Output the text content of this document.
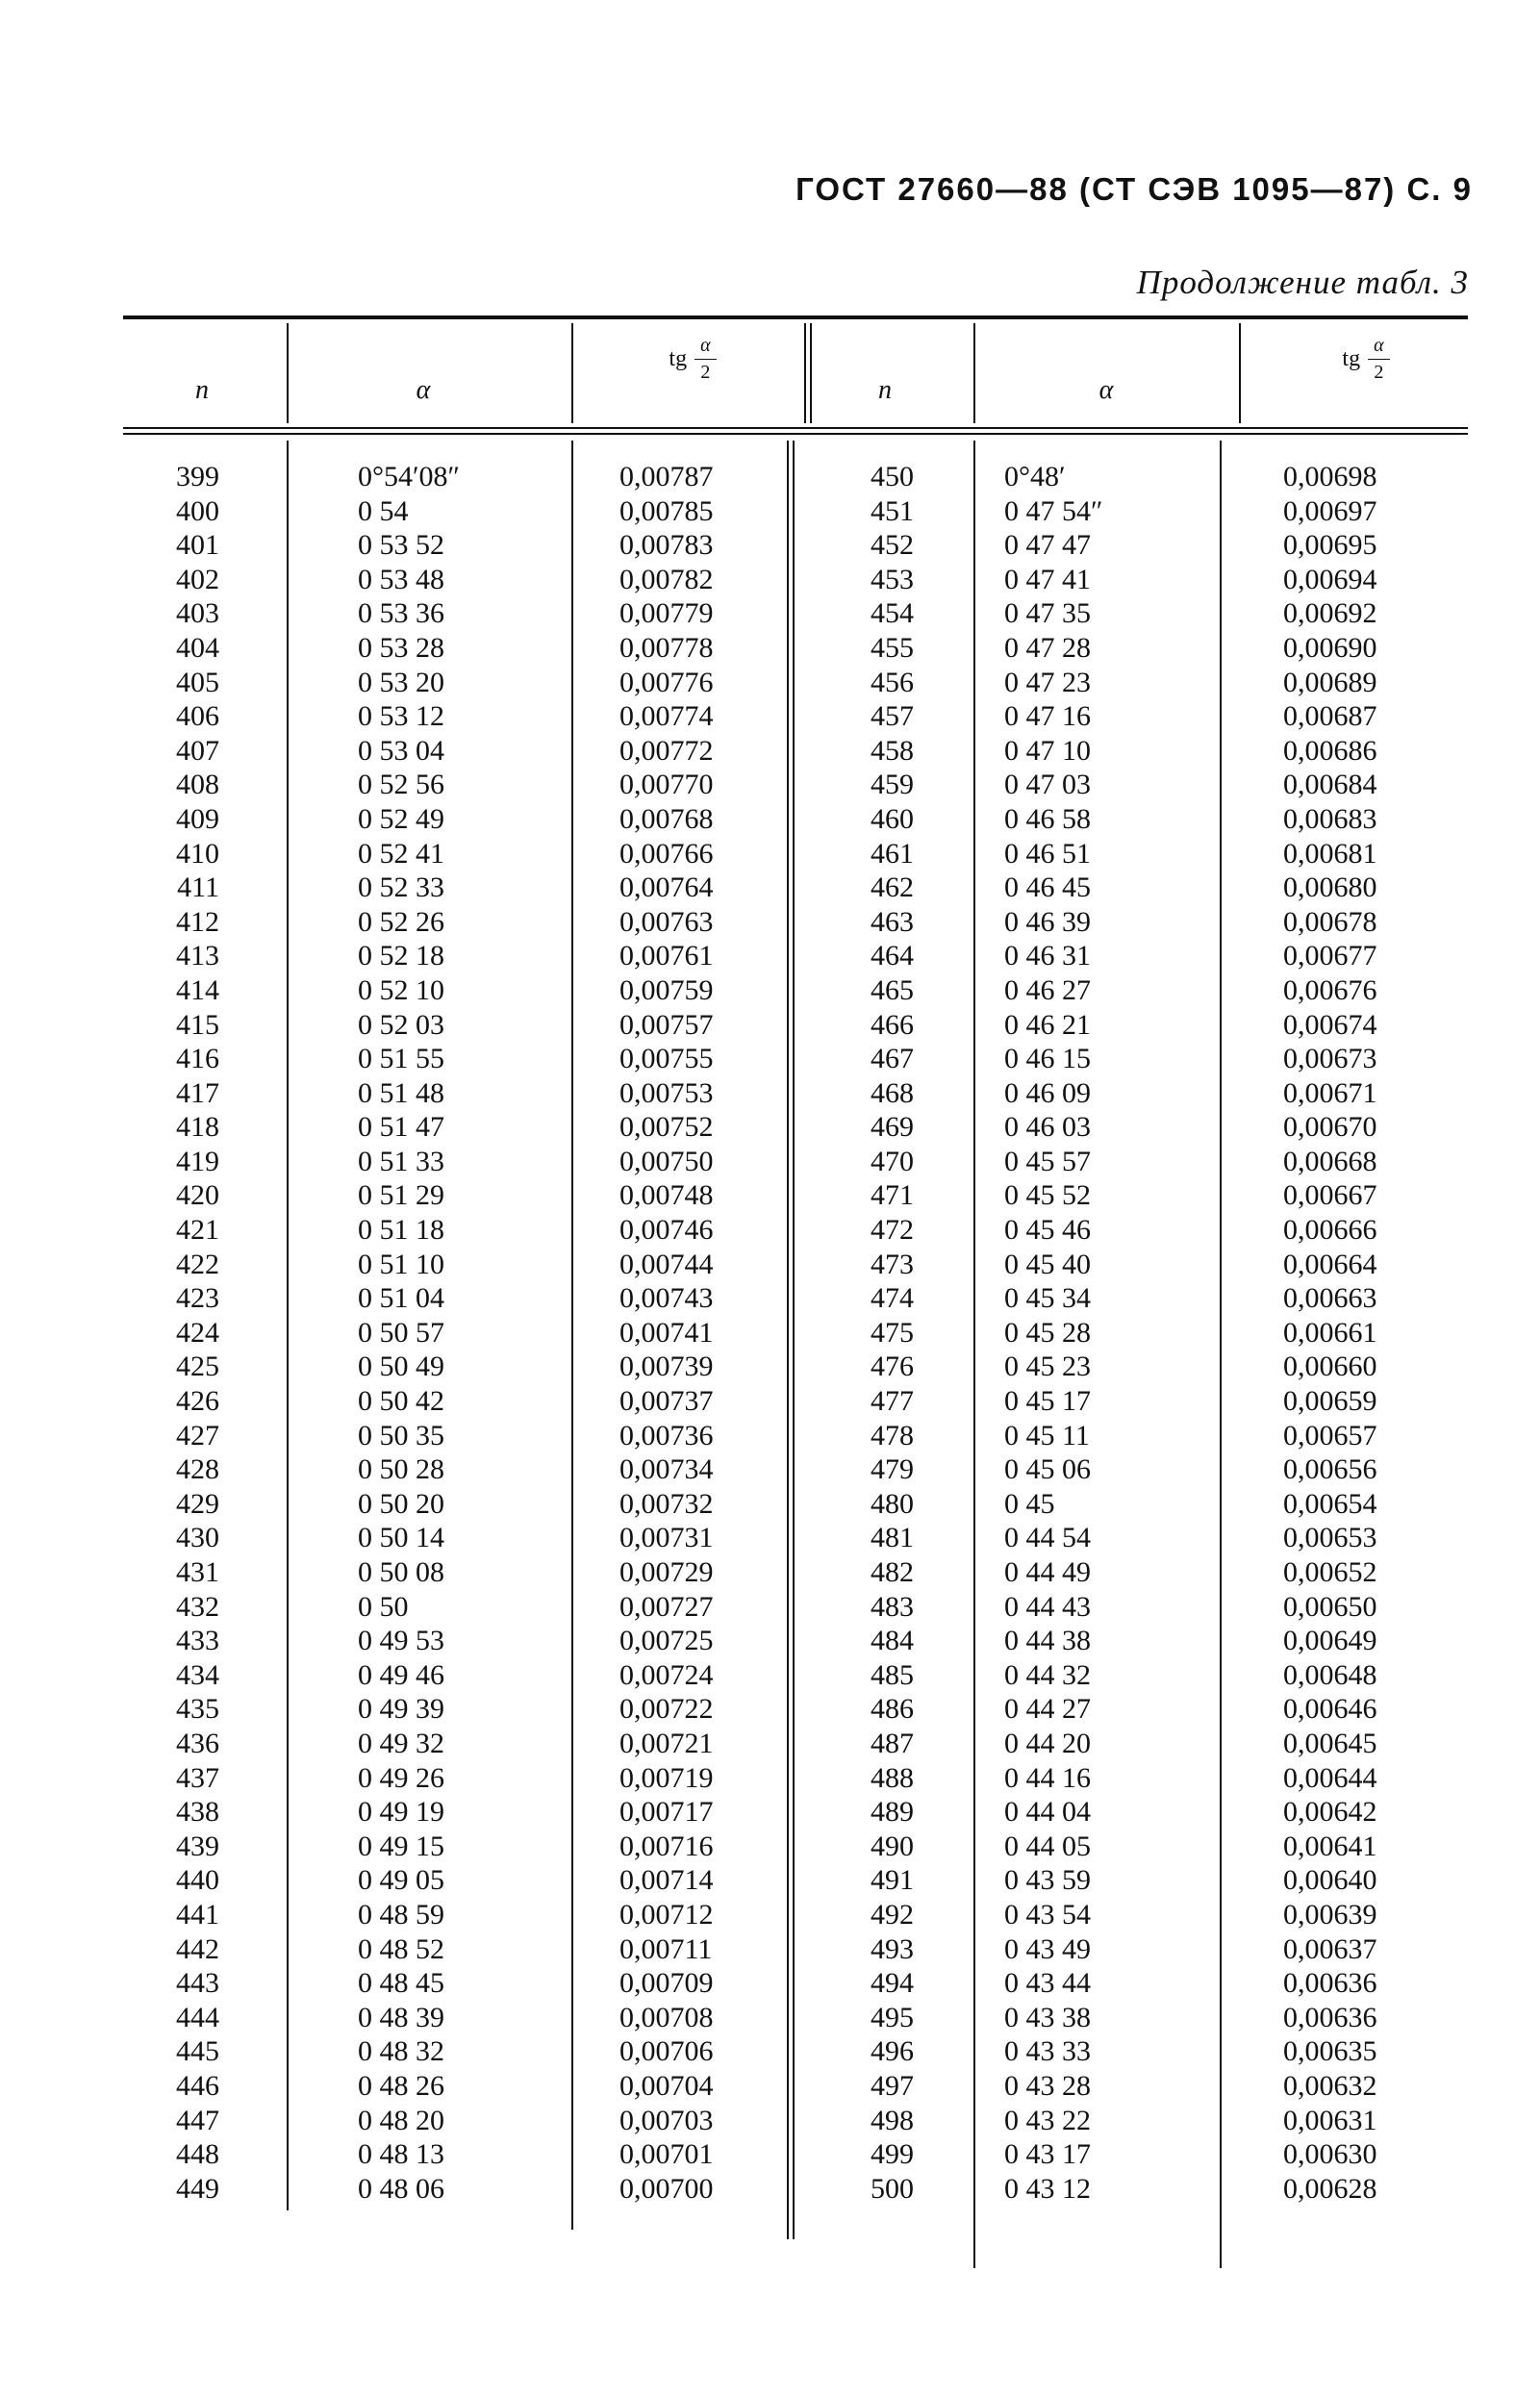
ГОСТ 27660—88 (СТ СЭВ 1095—87) С. 9
Продолжение табл. 3
n	α
tg $\frac{\alpha}{2}$
n	α
tg $\frac{\alpha}{2}$
399
400
401
402
403
404
405
406
407
408
409
410
411
412
413
414
415
416
417
418
419
420
421
422
423
424
425
426
427
428
429
430
431
432
433
434
435
436
437
438
439
440
441
442
443
444
445
446
447
448
449
0°54′08″
0 54
0 53 52
0 53 48
0 53 36
0 53 28
0 53 20
0 53 12
0 53 04
0 52 56
0 52 49
0 52 41
0 52 33
0 52 26
0 52 18
0 52 10
0 52 03
0 51 55
0 51 48
0 51 47
0 51 33
0 51 29
0 51 18
0 51 10
0 51 04
0 50 57
0 50 49
0 50 42
0 50 35
0 50 28
0 50 20
0 50 14
0 50 08
0 50
0 49 53
0 49 46
0 49 39
0 49 32
0 49 26
0 49 19
0 49 15
0 49 05
0 48 59
0 48 52
0 48 45
0 48 39
0 48 32
0 48 26
0 48 20
0 48 13
0 48 06
0,00787
0,00785
0,00783
0,00782
0,00779
0,00778
0,00776
0,00774
0,00772
0,00770
0,00768
0,00766
0,00764
0,00763
0,00761
0,00759
0,00757
0,00755
0,00753
0,00752
0,00750
0,00748
0,00746
0,00744
0,00743
0,00741
0,00739
0,00737
0,00736
0,00734
0,00732
0,00731
0,00729
0,00727
0,00725
0,00724
0,00722
0,00721
0,00719
0,00717
0,00716
0,00714
0,00712
0,00711
0,00709
0,00708
0,00706
0,00704
0,00703
0,00701
0,00700
450
451
452
453
454
455
456
457
458
459
460
461
462
463
464
465
466
467
468
469
470
471
472
473
474
475
476
477
478
479
480
481
482
483
484
485
486
487
488
489
490
491
492
493
494
495
496
497
498
499
500
0°48′
0 47 54″
0 47 47
0 47 41
0 47 35
0 47 28
0 47 23
0 47 16
0 47 10
0 47 03
0 46 58
0 46 51
0 46 45
0 46 39
0 46 31
0 46 27
0 46 21
0 46 15
0 46 09
0 46 03
0 45 57
0 45 52
0 45 46
0 45 40
0 45 34
0 45 28
0 45 23
0 45 17
0 45 11
0 45 06
0 45
0 44 54
0 44 49
0 44 43
0 44 38
0 44 32
0 44 27
0 44 20
0 44 16
0 44 04
0 44 05
0 43 59
0 43 54
0 43 49
0 43 44
0 43 38
0 43 33
0 43 28
0 43 22
0 43 17
0 43 12
0,00698
0,00697
0,00695
0,00694
0,00692
0,00690
0,00689
0,00687
0,00686
0,00684
0,00683
0,00681
0,00680
0,00678
0,00677
0,00676
0,00674
0,00673
0,00671
0,00670
0,00668
0,00667
0,00666
0,00664
0,00663
0,00661
0,00660
0,00659
0,00657
0,00656
0,00654
0,00653
0,00652
0,00650
0,00649
0,00648
0,00646
0,00645
0,00644
0,00642
0,00641
0,00640
0,00639
0,00637
0,00636
0,00636
0,00635
0,00632
0,00631
0,00630
0,00628
